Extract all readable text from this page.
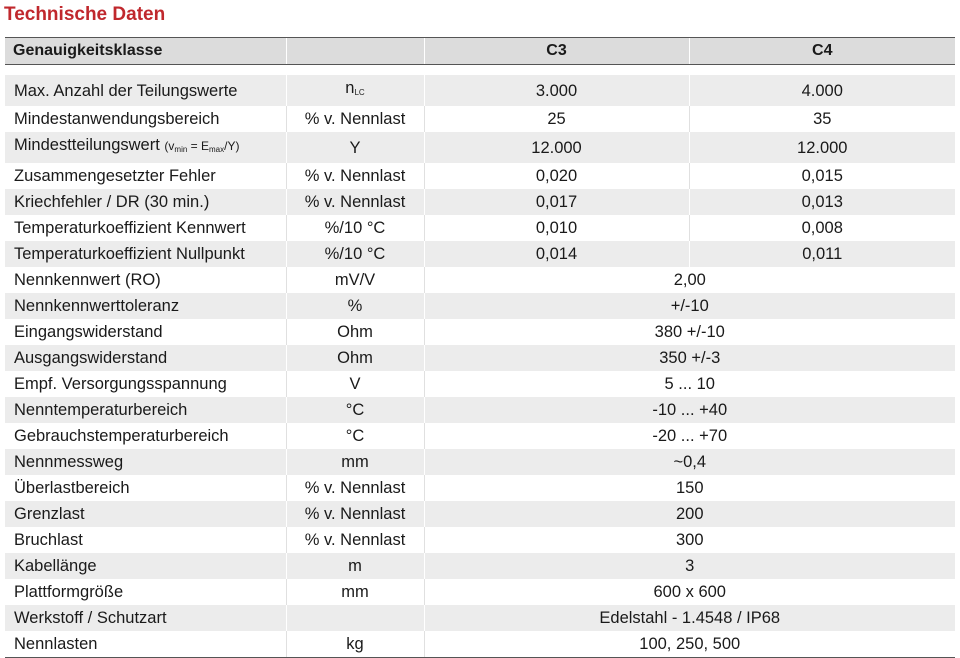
Technische Daten
Genauigkeitsklasse		C3	C4

Max. Anzahl der Teilungswerte	$n_{LC}$	3.000	4.000
Mindestanwendungsbereich	% v. Nennlast	25	35
Mindestteilungswert $(v_{min} = E_{max}/Y)$	Y	12.000	12.000
Zusammengesetzter Fehler	% v. Nennlast	0,020	0,015
Kriechfehler / DR (30 min.)	% v. Nennlast	0,017	0,013
Temperaturkoeffizient Kennwert	%/10 °C	0,010	0,008
Temperaturkoeffizient Nullpunkt	%/10 °C	0,014	0,011
Nennkennwert (RO)	mV/V	2,00	
Nennkennwerttoleranz	%	+/-10	
Eingangswiderstand	Ohm	380 +/-10	
Ausgangswiderstand	Ohm	350 +/-3	
Empf. Versorgungsspannung	V	5 ... 10	
Nenntemperaturbereich	°C	-10 ... +40	
Gebrauchstemperaturbereich	°C	-20 ... +70	
Nennmessweg	mm	~0,4	
Überlastbereich	% v. Nennlast	150	
Grenzlast	% v. Nennlast	200	
Bruchlast	% v. Nennlast	300	
Kabellänge	m	3	
Plattformgröße	mm	600 x 600	
Werkstoff / Schutzart		Edelstahl - 1.4548 / IP68	
Nennlasten	kg	100, 250, 500	
